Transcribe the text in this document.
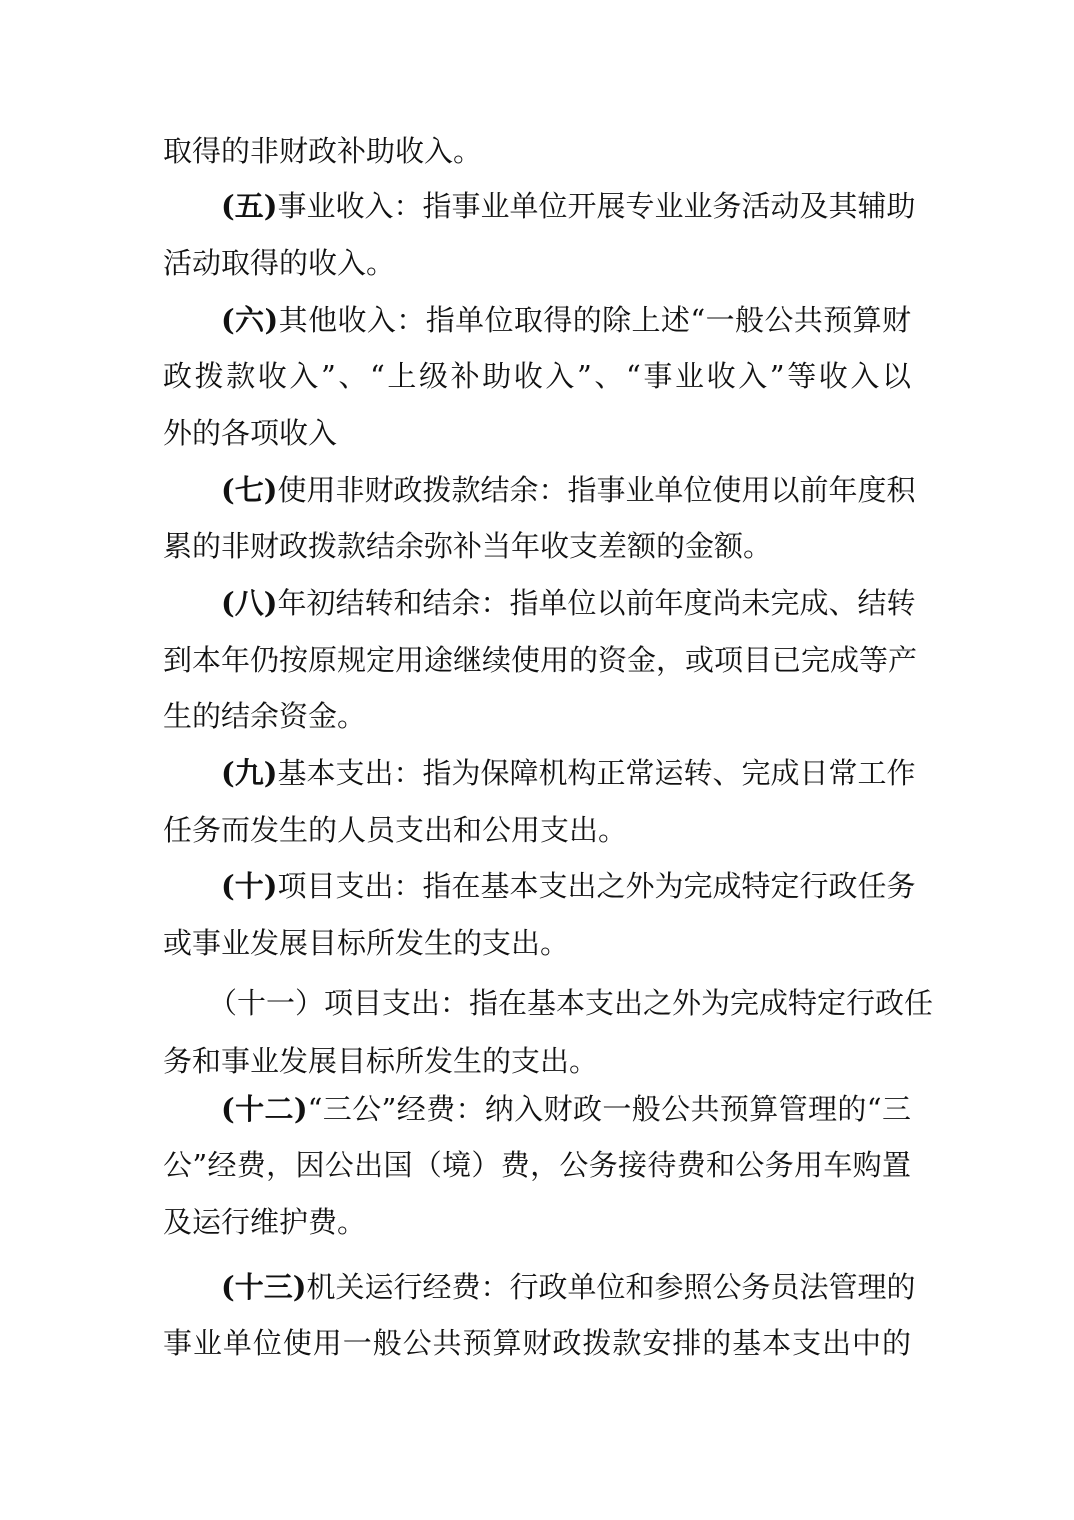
取得的非财政补助收入。
(五)事业收入：指事业单位开展专业业务活动及其辅助
活动取得的收入。
(六)其他收入：指单位取得的除上述“一般公共预算财
政拨款收入”、“上级补助收入”、“事业收入”等收入以
外的各项收入
(七)使用非财政拨款结余：指事业单位使用以前年度积
累的非财政拨款结余弥补当年收支差额的金额。
(八)年初结转和结余：指单位以前年度尚未完成、结转
到本年仍按原规定用途继续使用的资金，或项目已完成等产
生的结余资金。
(九)基本支出：指为保障机构正常运转、完成日常工作
任务而发生的人员支出和公用支出。
(十)项目支出：指在基本支出之外为完成特定行政任务
或事业发展目标所发生的支出。
（十一）项目支出：指在基本支出之外为完成特定行政任
务和事业发展目标所发生的支出。
(十二)“三公”经费：纳入财政一般公共预算管理的“三
公”经费，因公出国（境）费，公务接待费和公务用车购置
及运行维护费。
(十三)机关运行经费：行政单位和参照公务员法管理的
事业单位使用一般公共预算财政拨款安排的基本支出中的
